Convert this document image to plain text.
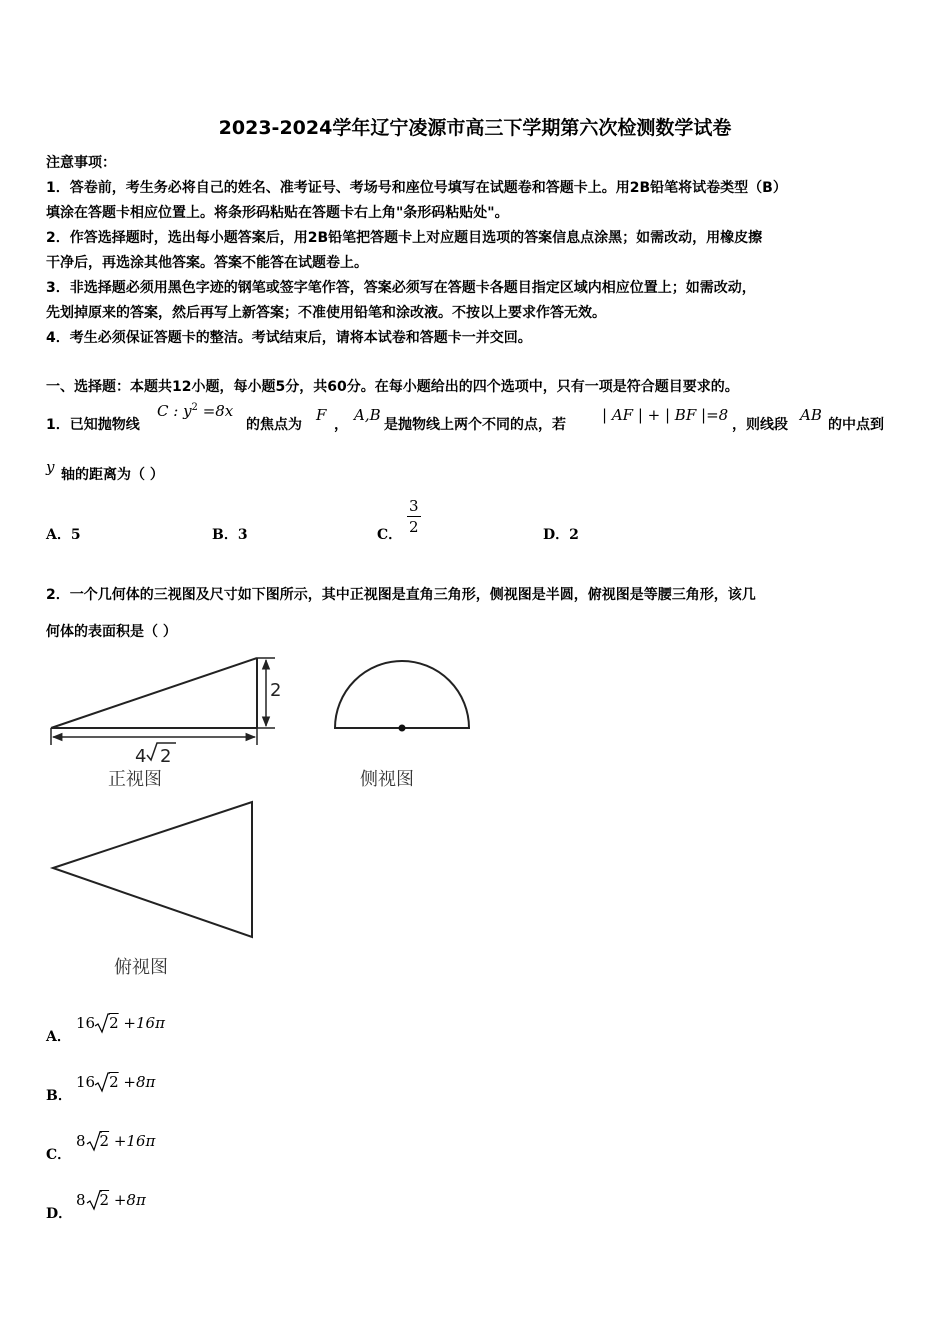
2023-2024学年辽宁凌源市高三下学期第六次检测数学试卷
注意事项：
1．答卷前，考生务必将自己的姓名、准考证号、考场号和座位号填写在试题卷和答题卡上。用2B铅笔将试卷类型（B）
填涂在答题卡相应位置上。将条形码粘贴在答题卡右上角"条形码粘贴处"。
2．作答选择题时，选出每小题答案后，用2B铅笔把答题卡上对应题目选项的答案信息点涂黑；如需改动，用橡皮擦
干净后，再选涂其他答案。答案不能答在试题卷上。
3．非选择题必须用黑色字迹的钢笔或签字笔作答，答案必须写在答题卡各题目指定区域内相应位置上；如需改动，
先划掉原来的答案，然后再写上新答案；不准使用铅笔和涂改液。不按以上要求作答无效。
4．考生必须保证答题卡的整洁。考试结束后，请将本试卷和答题卡一并交回。
一、选择题：本题共12小题，每小题5分，共60分。在每小题给出的四个选项中，只有一项是符合题目要求的。
1．已知抛物线
C : $y^2 =8x$
的焦点为
F
，
A,B
是抛物线上两个不同的点，若
| AF | + | BF |=8
，则线段
AB
的中点到
y 轴的距离为（ ）
A．5	B．3	C． $\frac{3}{2}$	D．2
2．一个几何体的三视图及尺寸如下图所示，其中正视图是直角三角形，侧视图是半圆，俯视图是等腰三角形，该几
何体的表面积是（ ）
2
4 2
正视图	侧视图
俯视图
A．
16 2 +16π
B．
16 2 +8π
C．
8 2 +16π
D．
8 2 +8π
